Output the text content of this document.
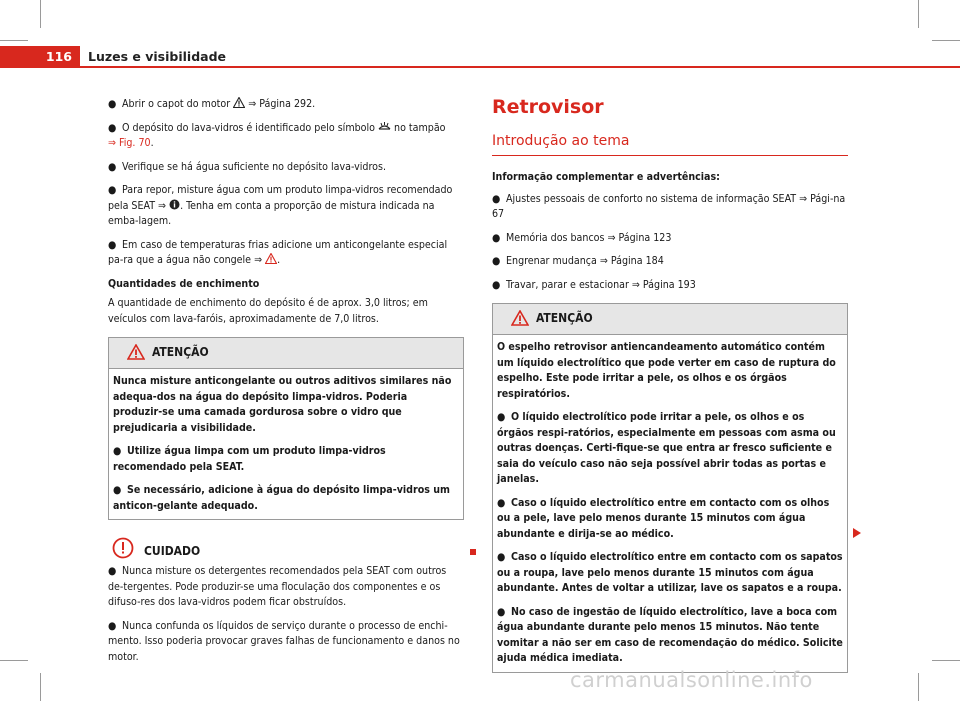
116	Luzes e visibilidade

● Abrir o capot do motor ⇒ Página 292.

● O depósito do lava-vidros é identificado pelo símbolo no tampão
⇒ Fig. 70.

● Verifique se há água suficiente no depósito lava-vidros.

● Para repor, misture água com um produto limpa-vidros recomendado pela SEAT ⇒ . Tenha em conta a proporção de mistura indicada na emba-lagem.

● Em caso de temperaturas frias adicione um anticongelante especial pa-ra que a água não congele ⇒ .

Quantidades de enchimento

A quantidade de enchimento do depósito é de aprox. 3,0 litros; em veículos com lava-faróis, aproximadamente de 7,0 litros.

ATENÇÃO

Nunca misture anticongelante ou outros aditivos similares não adequa-dos na água do depósito limpa-vidros. Poderia produzir-se uma camada gordurosa sobre o vidro que prejudicaria a visibilidade.

● Utilize água limpa com um produto limpa-vidros recomendado pela SEAT.

● Se necessário, adicione à água do depósito limpa-vidros um anticon-gelante adequado.

CUIDADO

● Nunca misture os detergentes recomendados pela SEAT com outros de-tergentes. Pode produzir-se uma floculação dos componentes e os difuso-res dos lava-vidros podem ficar obstruídos.

● Nunca confunda os líquidos de serviço durante o processo de enchi-mento. Isso poderia provocar graves falhas de funcionamento e danos no motor.

Retrovisor
Introdução ao tema

Informação complementar e advertências:

● Ajustes pessoais de conforto no sistema de informação SEAT ⇒ Pági-na 67

● Memória dos bancos ⇒ Página 123

● Engrenar mudança ⇒ Página 184

● Travar, parar e estacionar ⇒ Página 193

ATENÇÃO

O espelho retrovisor antiencandeamento automático contém um líquido electrolítico que pode verter em caso de ruptura do espelho. Este pode irritar a pele, os olhos e os órgãos respiratórios.

● O líquido electrolítico pode irritar a pele, os olhos e os órgãos respi-ratórios, especialmente em pessoas com asma ou outras doenças. Certi-fique-se que entra ar fresco suficiente e saia do veículo caso não seja possível abrir todas as portas e janelas.

● Caso o líquido electrolítico entre em contacto com os olhos ou a pele, lave pelo menos durante 15 minutos com água abundante e dirija-se ao médico.

● Caso o líquido electrolítico entre em contacto com os sapatos ou a roupa, lave pelo menos durante 15 minutos com água abundante. Antes de voltar a utilizar, lave os sapatos e a roupa.

● No caso de ingestão de líquido electrolítico, lave a boca com água abundante durante pelo menos 15 minutos. Não tente vomitar a não ser em caso de recomendação do médico. Solicite ajuda médica imediata.

carmanualsonline.info
